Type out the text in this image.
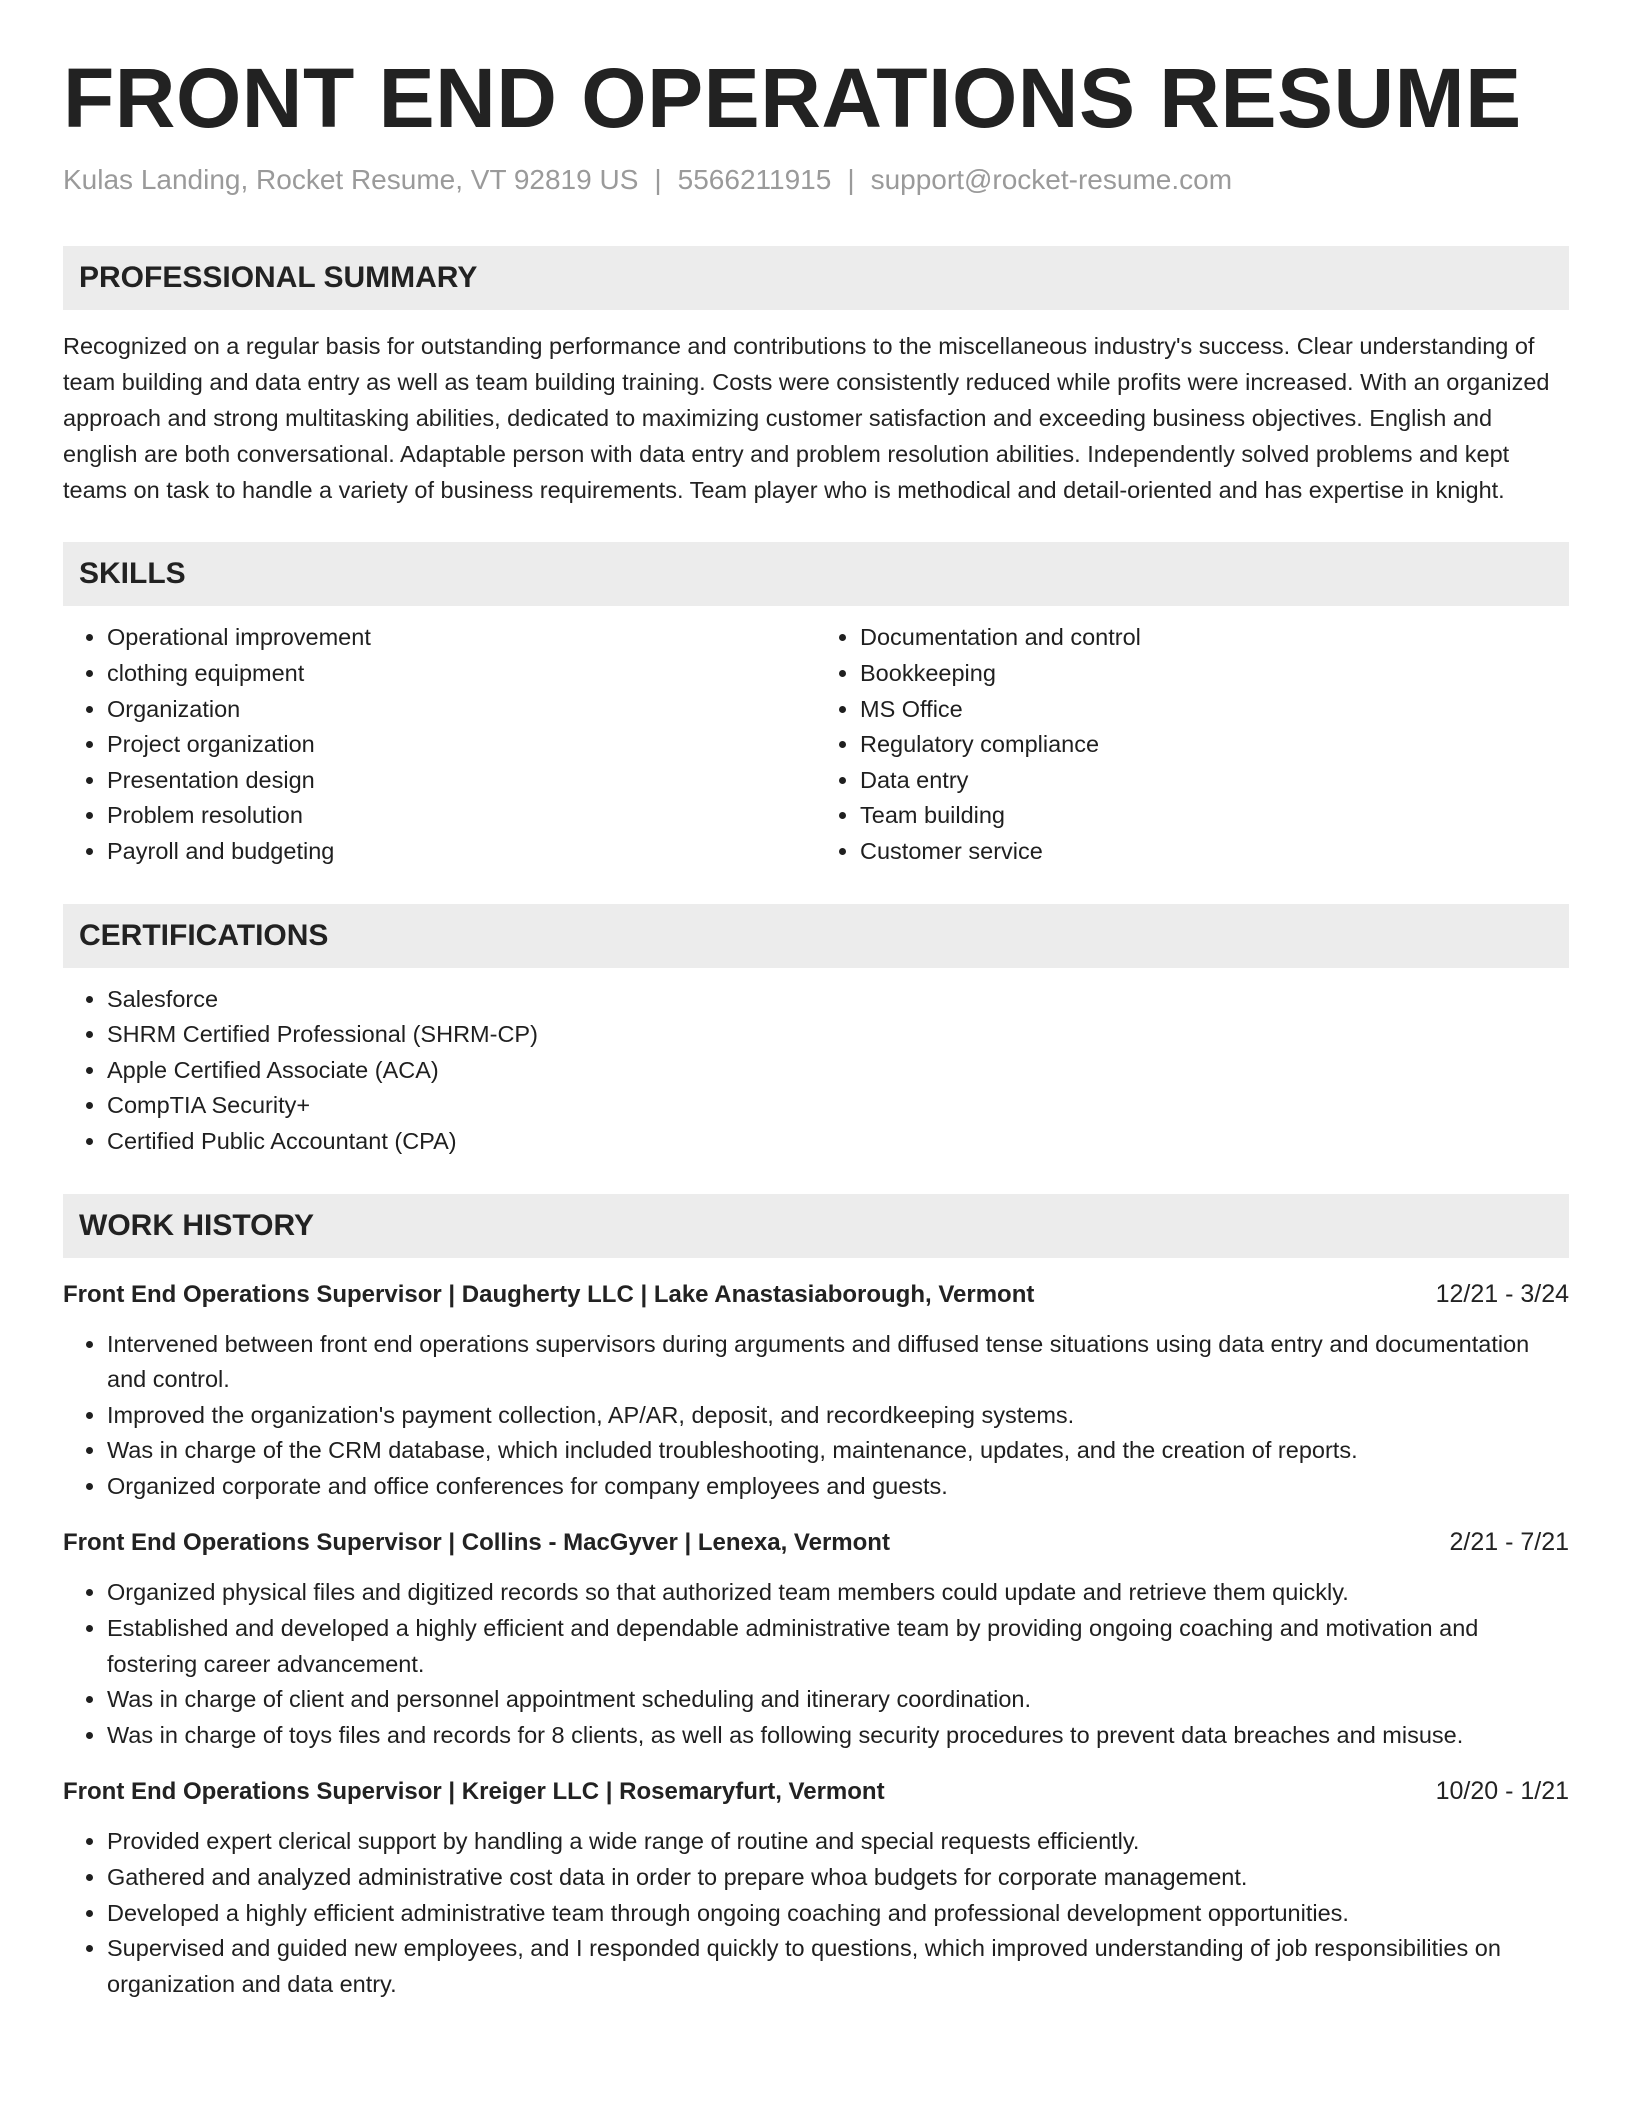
FRONT END OPERATIONS RESUME
Kulas Landing, Rocket Resume, VT 92819 US | 5566211915 | support@rocket-resume.com
PROFESSIONAL SUMMARY

Recognized on a regular basis for outstanding performance and contributions to the miscellaneous industry's success. Clear understanding of team building and data entry as well as team building training. Costs were consistently reduced while profits were increased. With an organized approach and strong multitasking abilities, dedicated to maximizing customer satisfaction and exceeding business objectives. English and english are both conversational. Adaptable person with data entry and problem resolution abilities. Independently solved problems and kept teams on task to handle a variety of business requirements. Team player who is methodical and detail-oriented and has expertise in knight.

SKILLS
• Operational improvement
• clothing equipment
• Organization
• Project organization
• Presentation design
• Problem resolution
• Payroll and budgeting
• Documentation and control
• Bookkeeping
• MS Office
• Regulatory compliance
• Data entry
• Team building
• Customer service
CERTIFICATIONS
• Salesforce
• SHRM Certified Professional (SHRM-CP)
• Apple Certified Associate (ACA)
• CompTIA Security+
• Certified Public Accountant (CPA)
WORK HISTORY
Front End Operations Supervisor | Daugherty LLC | Lake Anastasiaborough, Vermont	12/21 - 3/24
• Intervened between front end operations supervisors during arguments and diffused tense situations using data entry and documentation and control.
• Improved the organization's payment collection, AP/AR, deposit, and recordkeeping systems.
• Was in charge of the CRM database, which included troubleshooting, maintenance, updates, and the creation of reports.
• Organized corporate and office conferences for company employees and guests.
Front End Operations Supervisor | Collins - MacGyver | Lenexa, Vermont	2/21 - 7/21
• Organized physical files and digitized records so that authorized team members could update and retrieve them quickly.
• Established and developed a highly efficient and dependable administrative team by providing ongoing coaching and motivation and fostering career advancement.
• Was in charge of client and personnel appointment scheduling and itinerary coordination.
• Was in charge of toys files and records for 8 clients, as well as following security procedures to prevent data breaches and misuse.
Front End Operations Supervisor | Kreiger LLC | Rosemaryfurt, Vermont	10/20 - 1/21
• Provided expert clerical support by handling a wide range of routine and special requests efficiently.
• Gathered and analyzed administrative cost data in order to prepare whoa budgets for corporate management.
• Developed a highly efficient administrative team through ongoing coaching and professional development opportunities.
• Supervised and guided new employees, and I responded quickly to questions, which improved understanding of job responsibilities on organization and data entry.
